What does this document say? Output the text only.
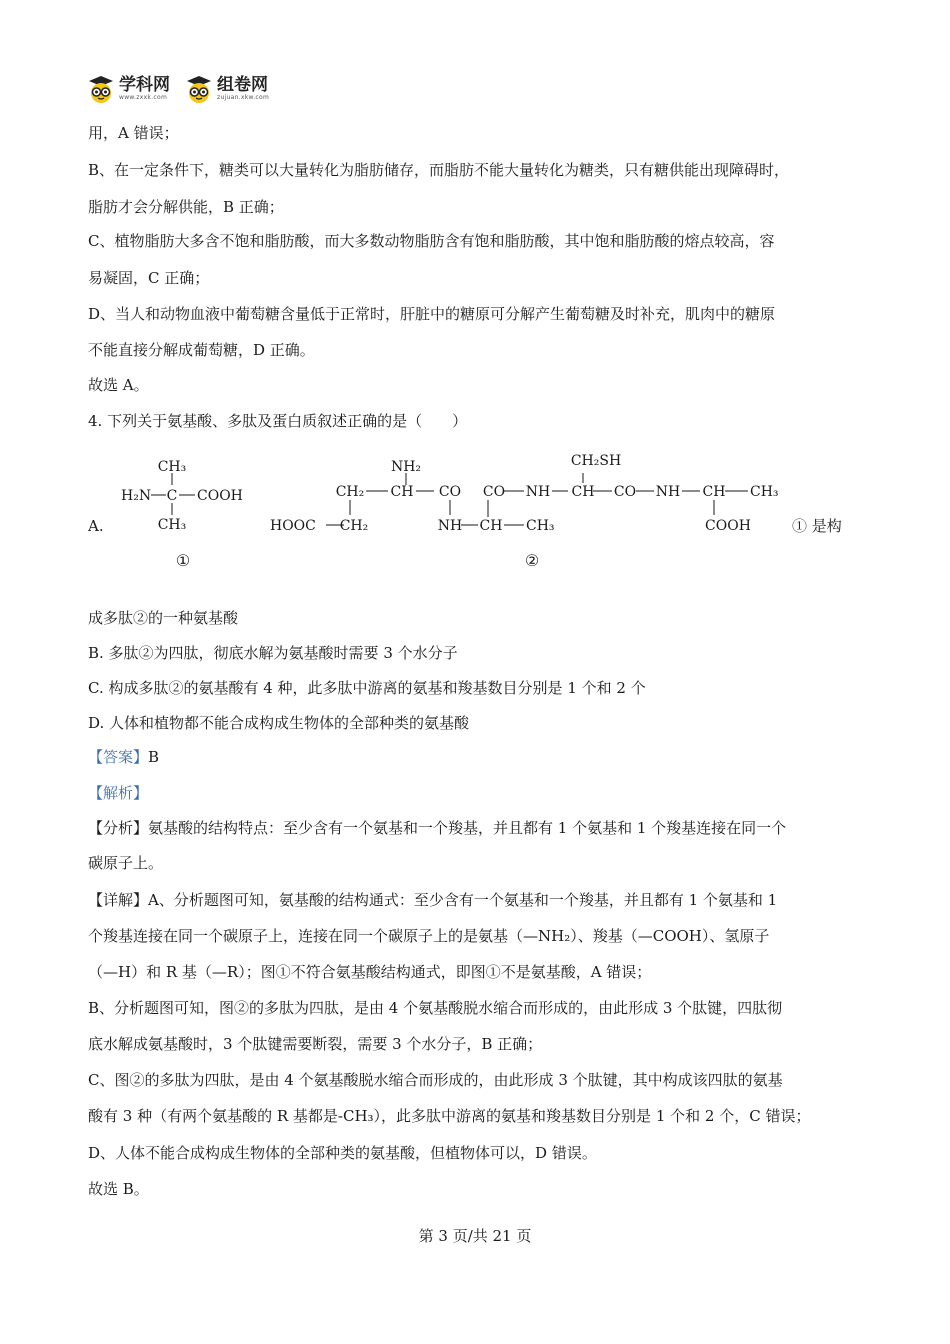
学科网
www.zxxk.com
组卷网
zujuan.xkw.com
用，A 错误；
B、在一定条件下，糖类可以大量转化为脂肪储存，而脂肪不能大量转化为糖类，只有糖供能出现障碍时，
脂肪才会分解供能，B 正确；
C、植物脂肪大多含不饱和脂肪酸，而大多数动物脂肪含有饱和脂肪酸，其中饱和脂肪酸的熔点较高，容
易凝固，C 正确；
D、当人和动物血液中葡萄糖含量低于正常时，肝脏中的糖原可分解产生葡萄糖及时补充，肌肉中的糖原
不能直接分解成葡萄糖，D 正确。
故选 A。
4. 下列关于氨基酸、多肽及蛋白质叙述正确的是（　　）
成多肽②的一种氨基酸
B. 多肽②为四肽，彻底水解为氨基酸时需要 3 个水分子
C. 构成多肽②的氨基酸有 4 种，此多肽中游离的氨基和羧基数目分别是 1 个和 2 个
D. 人体和植物都不能合成构成生物体的全部种类的氨基酸
【答案】B
【解析】
【分析】氨基酸的结构特点：至少含有一个氨基和一个羧基，并且都有 1 个氨基和 1 个羧基连接在同一个
碳原子上。
【详解】A、分析题图可知，氨基酸的结构通式：至少含有一个氨基和一个羧基，并且都有 1 个氨基和 1
个羧基连接在同一个碳原子上，连接在同一个碳原子上的是氨基（—NH₂）、羧基（—COOH）、氢原子
（—H）和 R 基（—R）；图①不符合氨基酸结构通式，即图①不是氨基酸，A 错误；
B、分析题图可知，图②的多肽为四肽，是由 4 个氨基酸脱水缩合而形成的，由此形成 3 个肽键，四肽彻
底水解成氨基酸时，3 个肽键需要断裂，需要 3 个水分子，B 正确；
C、图②的多肽为四肽，是由 4 个氨基酸脱水缩合而形成的，由此形成 3 个肽键，其中构成该四肽的氨基
酸有 3 种（有两个氨基酸的 R 基都是-CH₃），此多肽中游离的氨基和羧基数目分别是 1 个和 2 个，C 错误；
D、人体不能合成构成生物体的全部种类的氨基酸，但植物体可以，D 错误。
故选 B。
CH₃
H₂N C COOH
CH₃
NH₂
CH₂ CH CO
HOOC CH₂	NH CH CH₃
CO NH CH
CH₂SH
CO NH CH CH₃
COOH
①	②
A.	① 是构
第 3 页/共 21 页
